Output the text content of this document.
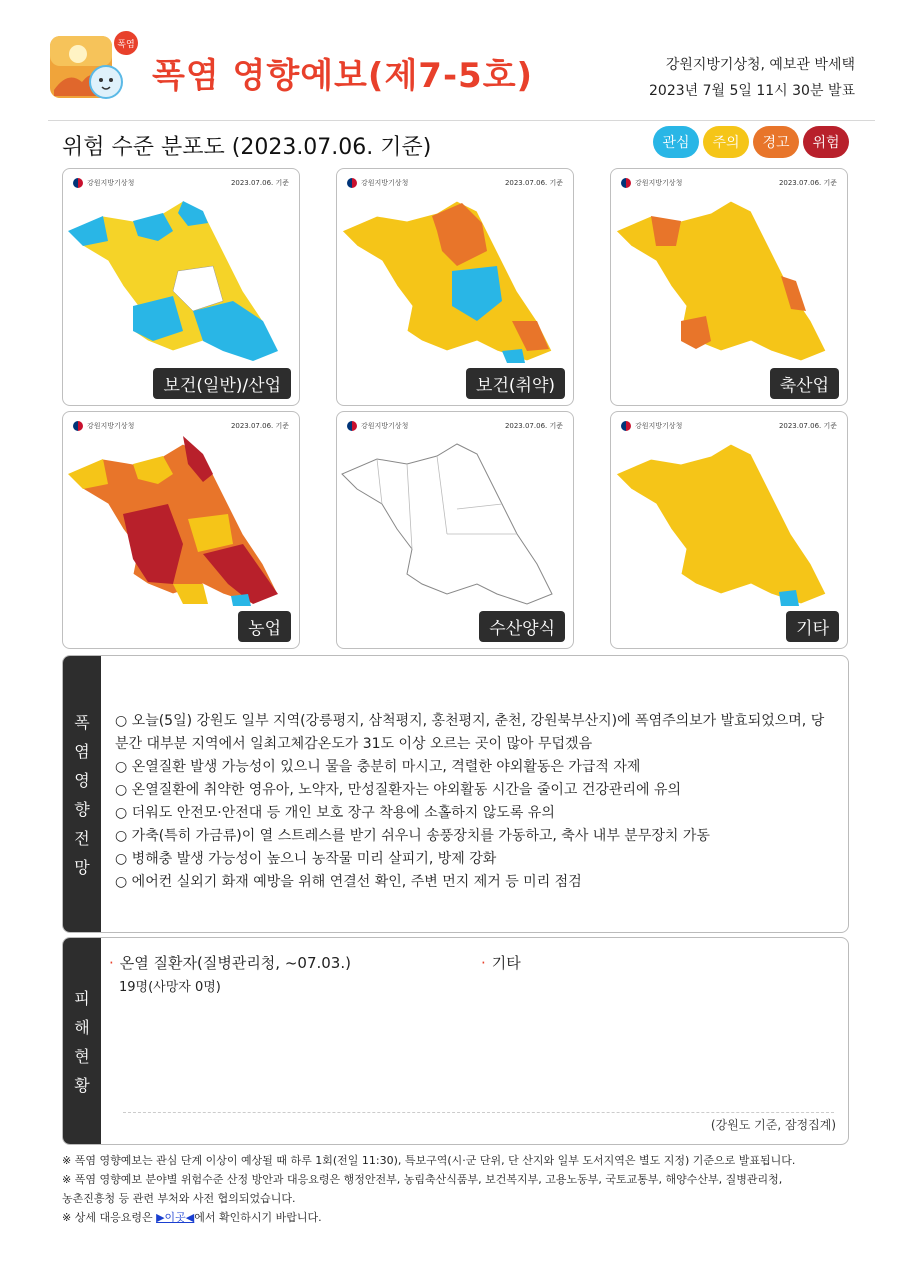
폭염
폭염 영향예보(제7-5호)	강원지방기상청, 예보관 박세택
2023년 7월 5일 11시 30분 발표
위험 수준 분포도 (2023.07.06. 기준)	관심	주의	경고	위험
강원지방기상청	2023.07.06. 기준
보건(일반)/산업
강원지방기상청	2023.07.06. 기준
보건(취약)
강원지방기상청	2023.07.06. 기준
축산업
강원지방기상청	2023.07.06. 기준
농업
강원지방기상청	2023.07.06. 기준
수산양식
강원지방기상청	2023.07.06. 기준
기타
폭
염
영
향
전
망
○ 오늘(5일) 강원도 일부 지역(강릉평지, 삼척평지, 홍천평지, 춘천, 강원북부산지)에 폭염주의보가 발효되었으며, 당분간 대부분 지역에서 일최고체감온도가 31도 이상 오르는 곳이 많아 무덥겠음
○ 온열질환 발생 가능성이 있으니 물을 충분히 마시고, 격렬한 야외활동은 가급적 자제
○ 온열질환에 취약한 영유아, 노약자, 만성질환자는 야외활동 시간을 줄이고 건강관리에 유의
○ 더워도 안전모·안전대 등 개인 보호 장구 착용에 소홀하지 않도록 유의
○ 가축(특히 가금류)이 열 스트레스를 받기 쉬우니 송풍장치를 가동하고, 축사 내부 분무장치 가동
○ 병해충 발생 가능성이 높으니 농작물 미리 살피기, 방제 강화
○ 에어컨 실외기 화재 예방을 위해 연결선 확인, 주변 먼지 제거 등 미리 점검
피
해
현
황
· 온열 질환자(질병관리청, ~07.03.)
19명(사망자 0명)
· 기타
(강원도 기준, 잠정집계)
※ 폭염 영향예보는 관심 단계 이상이 예상될 때 하루 1회(전일 11:30), 특보구역(시·군 단위, 단 산지와 일부 도서지역은 별도 지정) 기준으로 발표됩니다.
※ 폭염 영향예보 분야별 위험수준 산정 방안과 대응요령은 행정안전부, 농림축산식품부, 보건복지부, 고용노동부, 국토교통부, 해양수산부, 질병관리청,
농촌진흥청 등 관련 부처와 사전 협의되었습니다.
※ 상세 대응요령은 ▶이곳◀에서 확인하시기 바랍니다.
